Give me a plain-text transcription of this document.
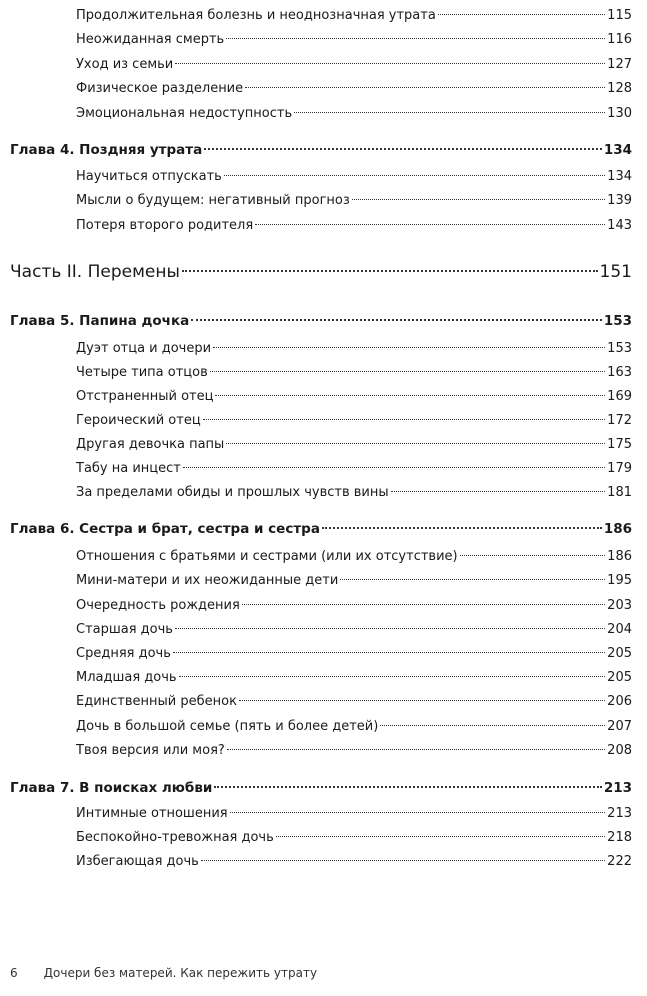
Продолжительная болезнь и неоднозначная утрата	115
Неожиданная смерть	116
Уход из семьи	127
Физическое разделение	128
Эмоциональная недоступность	130
Глава 4. Поздняя утрата	134
Научиться отпускать	134
Мысли о будущем: негативный прогноз	139
Потеря второго родителя	143
Часть II. Перемены	151
Глава 5. Папина дочка	153
Дуэт отца и дочери	153
Четыре типа отцов	163
Отстраненный отец	169
Героический отец	172
Другая девочка папы	175
Табу на инцест	179
За пределами обиды и прошлых чувств вины	181
Глава 6. Сестра и брат, сестра и сестра	186
Отношения с братьями и сестрами (или их отсутствие)	186
Мини-матери и их неожиданные дети	195
Очередность рождения	203
Старшая дочь	204
Средняя дочь	205
Младшая дочь	205
Единственный ребенок	206
Дочь в большой семье (пять и более детей)	207
Твоя версия или моя?	208
Глава 7. В поисках любви	213
Интимные отношения	213
Беспокойно-тревожная дочь	218
Избегающая дочь	222
6 Дочери без матерей. Как пережить утрату
